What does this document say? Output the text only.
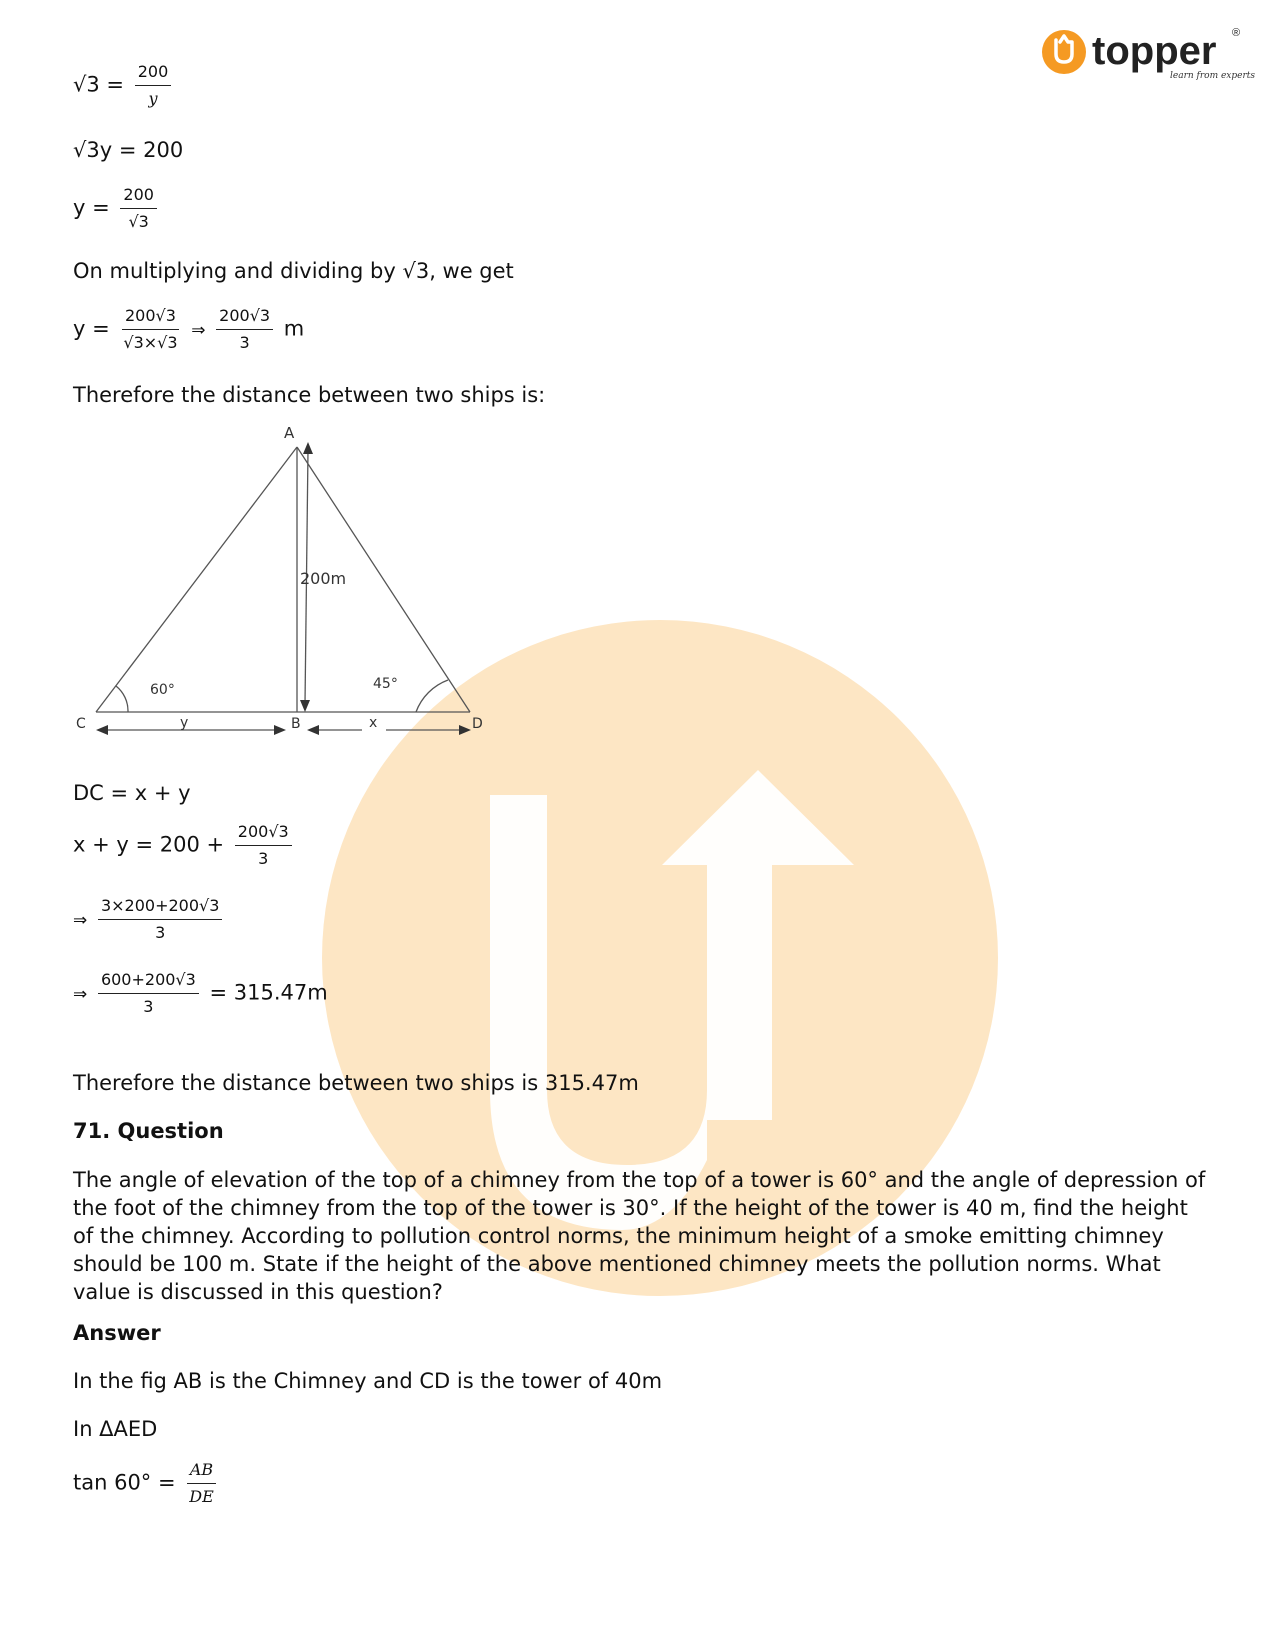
topper ®
learn from experts
$√3 = \frac{200}{y}$
√3y = 200
$y = \frac{200}{√3}$
On multiplying and dividing by √3, we get
$y = \frac{200√3}{√3\times√3}$ ⇒ $\frac{200√3}{3}$ m
Therefore the distance between two ships is:
A
B
C	D
200m
60°	45°
y	x
DC = x + y
$x + y = 200 + \frac{200√3}{3}$
⇒ $\frac{3\times 200+200√3}{3}$
⇒ $\frac{600+200√3}{3} = 315.47m$
Therefore the distance between two ships is 315.47m
71. Question
The angle of elevation of the top of a chimney from the top of a tower is 60° and the angle of depression of the foot of the chimney from the top of the tower is 30°. If the height of the tower is 40 m, find the height of the chimney. According to pollution control norms, the minimum height of a smoke emitting chimney should be 100 m. State if the height of the above mentioned chimney meets the pollution norms. What value is discussed in this question?
Answer
In the fig AB is the Chimney and CD is the tower of 40m
In ΔAED
$\tan 60^\circ = \frac{AB}{DE}$
